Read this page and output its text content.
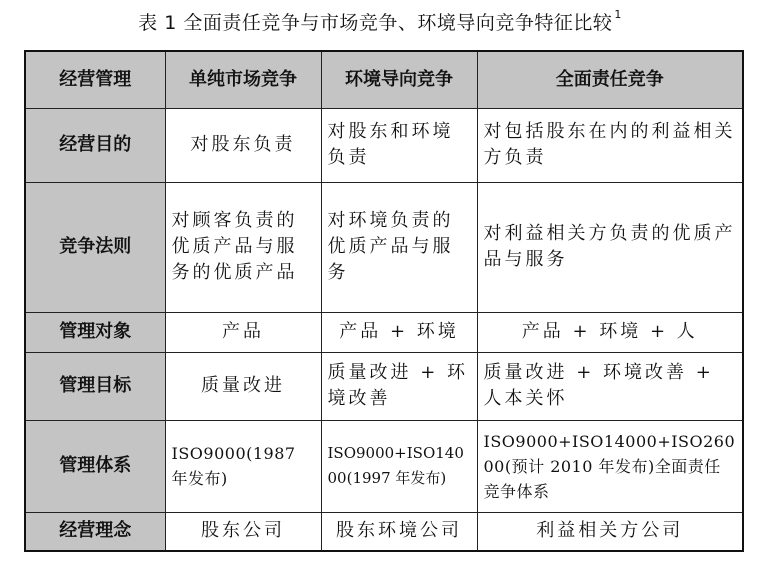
表 1 全面责任竞争与市场竞争、环境导向竞争特征比较 $^1$
经营管理	单纯市场竞争	环境导向竞争	全面责任竞争
经营目的	对股东负责	对股东和环境负责	对包括股东在内的利益相关方负责
竞争法则	对顾客负责的优质产品与服务的优质产品	对环境负责的优质产品与服务	对利益相关方负责的优质产品与服务
管理对象	产品	产品 + 环境	产品 + 环境 + 人
管理目标	质量改进	质量改进 + 环境改善	质量改进 + 环境改善 + 人本关怀
管理体系	ISO9000(1987 年发布)	ISO9000+ISO14000(1997 年发布)	ISO9000+ISO14000+ISO26000(预计 2010 年发布)全面责任竞争体系
经营理念	股东公司	股东环境公司	利益相关方公司
